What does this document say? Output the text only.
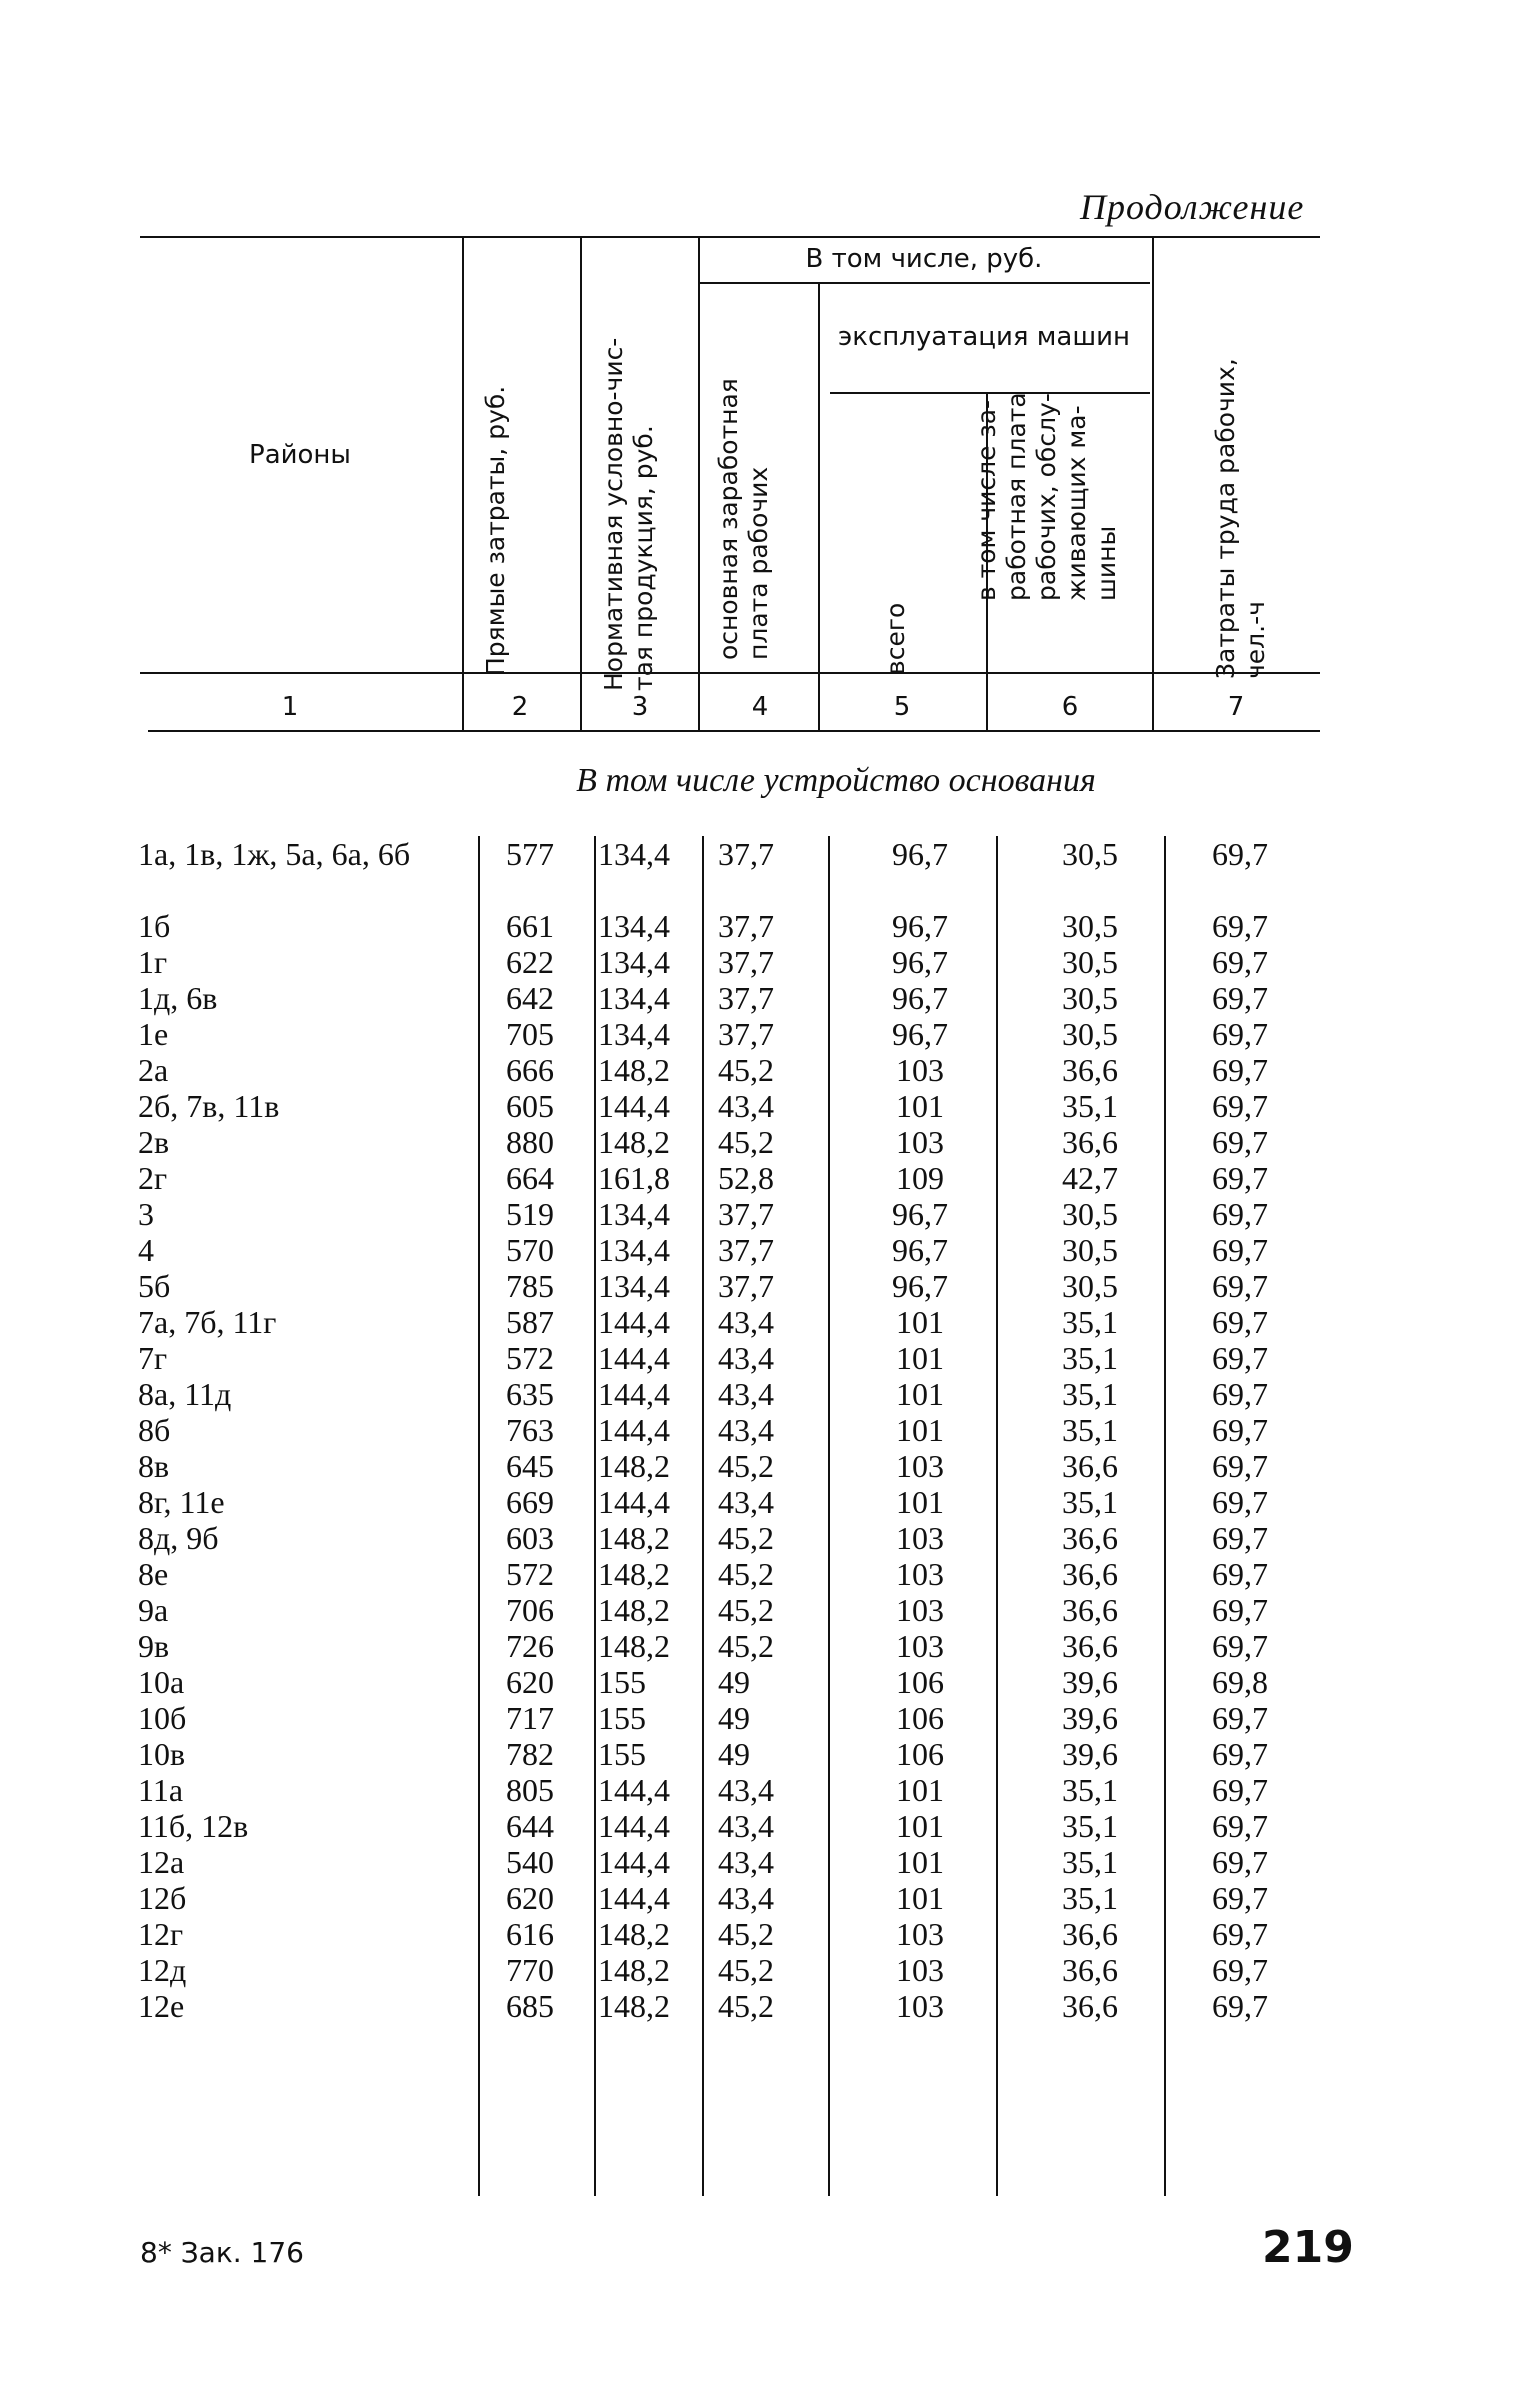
Продолжение
Районы
В том числе, руб.
эксплуатация машин
Прямые затраты, руб.	Нормативная условно-чис-
тая продукция, руб.
основная заработная
плата рабочих
всего
в том числе за-
работная плата
рабочих, обслу-
живающих ма-
шины
Затраты труда рабочих,
чел.-ч
1	2	3	4	5	6	7
В том числе устройство основания
1а, 1в, 1ж, 5а, 6а, 6б	577	134,4	37,7	96,7	30,5	69,7
1б	661	134,4	37,7	96,7	30,5	69,7
1г	622	134,4	37,7	96,7	30,5	69,7
1д, 6в	642	134,4	37,7	96,7	30,5	69,7
1е	705	134,4	37,7	96,7	30,5	69,7
2а	666	148,2	45,2	103	36,6	69,7
2б, 7в, 11в	605	144,4	43,4	101	35,1	69,7
2в	880	148,2	45,2	103	36,6	69,7
2г	664	161,8	52,8	109	42,7	69,7
3	519	134,4	37,7	96,7	30,5	69,7
4	570	134,4	37,7	96,7	30,5	69,7
5б	785	134,4	37,7	96,7	30,5	69,7
7а, 7б, 11г	587	144,4	43,4	101	35,1	69,7
7г	572	144,4	43,4	101	35,1	69,7
8а, 11д	635	144,4	43,4	101	35,1	69,7
8б	763	144,4	43,4	101	35,1	69,7
8в	645	148,2	45,2	103	36,6	69,7
8г, 11е	669	144,4	43,4	101	35,1	69,7
8д, 9б	603	148,2	45,2	103	36,6	69,7
8е	572	148,2	45,2	103	36,6	69,7
9а	706	148,2	45,2	103	36,6	69,7
9в	726	148,2	45,2	103	36,6	69,7
10а	620	155	49	106	39,6	69,8
10б	717	155	49	106	39,6	69,7
10в	782	155	49	106	39,6	69,7
11а	805	144,4	43,4	101	35,1	69,7
11б, 12в	644	144,4	43,4	101	35,1	69,7
12а	540	144,4	43,4	101	35,1	69,7
12б	620	144,4	43,4	101	35,1	69,7
12г	616	148,2	45,2	103	36,6	69,7
12д	770	148,2	45,2	103	36,6	69,7
12е	685	148,2	45,2	103	36,6	69,7
8* Зак. 176	219
